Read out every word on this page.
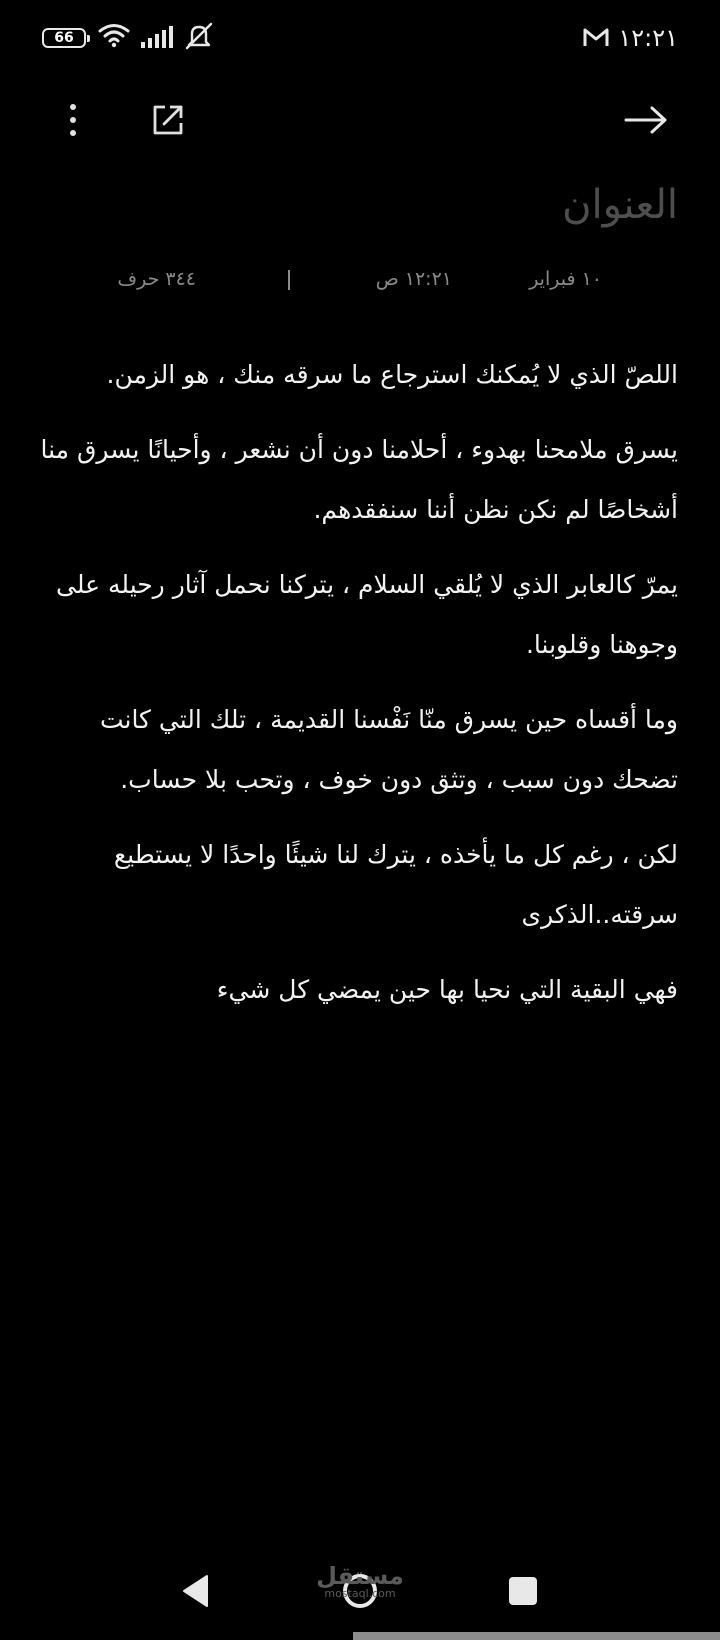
66	١٢:٢١
العنوان
١٠ فبراير
١٢:٢١ ص
٣٤٤ حرف

اللصّ الذي لا يُمكنك استرجاع ما سرقه منك ، هو الزمن.

يسرق ملامحنا بهدوء ، أحلامنا دون أن نشعر ، وأحيانًا يسرق منا أشخاصًا لم نكن نظن أننا سنفقدهم.

يمرّ كالعابر الذي لا يُلقي السلام ، يتركنا نحمل آثار رحيله على وجوهنا وقلوبنا.

وما أقساه حين يسرق منّا نَفْسنا القديمة ، تلك التي كانت تضحك دون سبب ، وتثق دون خوف ، وتحب بلا حساب.

لكن ، رغم كل ما يأخذه ، يترك لنا شيئًا واحدًا لا يستطيع سرقته..الذكرى

فهي البقية التي نحيا بها حين يمضي كل شيء

مستقل
mostaql.com
